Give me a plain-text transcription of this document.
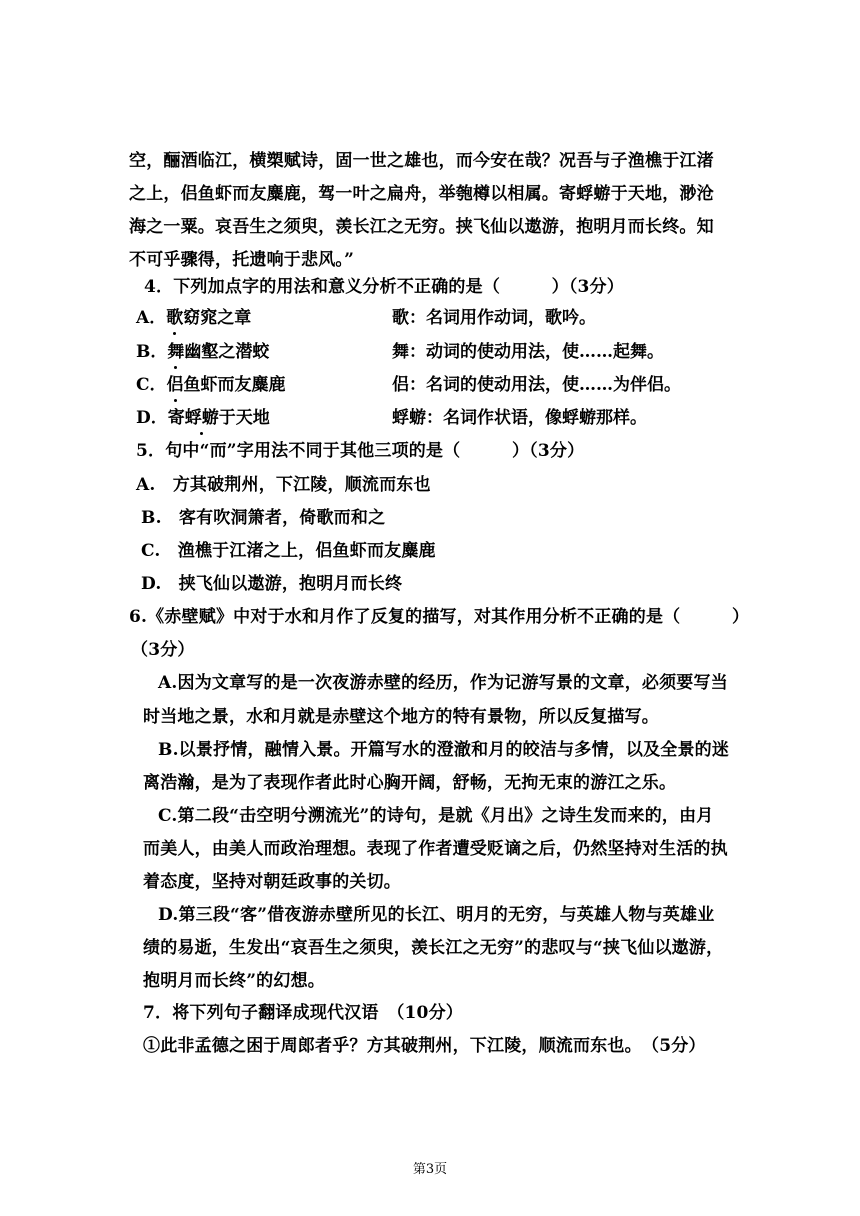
空，酾酒临江，横槊赋诗，固一世之雄也，而今安在哉？况吾与子渔樵于江渚
之上，侣鱼虾而友麋鹿，驾一叶之扁舟，举匏樽以相属。寄蜉蝣于天地，渺沧
海之一粟。哀吾生之须臾，羡长江之无穷。挟飞仙以遨游，抱明月而长终。知
不可乎骤得，托遗响于悲风。”
4．下列加点字的用法和意义分析不正确的是（　　　）（3分）
A．歌窈窕之章	歌：名词用作动词，歌吟。
B．舞幽壑之潜蛟	舞：动词的使动用法，使……起舞。
C．侣鱼虾而友麋鹿	侣：名词的使动用法，使……为伴侣。
D．寄蜉蝣于天地	蜉蝣：名词作状语，像蜉蝣那样。
5．句中“而”字用法不同于其他三项的是（　　　）（3分）
A.　方其破荆州，下江陵，顺流而东也
B.　客有吹洞箫者，倚歌而和之
C.　渔樵于江渚之上，侣鱼虾而友麋鹿
D.　挟飞仙以遨游，抱明月而长终
6.《赤壁赋》中对于水和月作了反复的描写，对其作用分析不正确的是（　　　）
（3分）
A.因为文章写的是一次夜游赤壁的经历，作为记游写景的文章，必须要写当
时当地之景，水和月就是赤壁这个地方的特有景物，所以反复描写。
B.以景抒情，融情入景。开篇写水的澄澈和月的皎洁与多情，以及全景的迷
离浩瀚，是为了表现作者此时心胸开阔，舒畅，无拘无束的游江之乐。
C.第二段“击空明兮溯流光”的诗句，是就《月出》之诗生发而来的，由月
而美人，由美人而政治理想。表现了作者遭受贬谪之后，仍然坚持对生活的执
着态度，坚持对朝廷政事的关切。
D.第三段“客”借夜游赤壁所见的长江、明月的无穷，与英雄人物与英雄业
绩的易逝，生发出“哀吾生之须臾，羡长江之无穷”的悲叹与“挟飞仙以遨游，
抱明月而长终”的幻想。
7．将下列句子翻译成现代汉语　（10分）
①此非孟德之困于周郎者乎？方其破荆州，下江陵，顺流而东也。　（5分）
第3页
